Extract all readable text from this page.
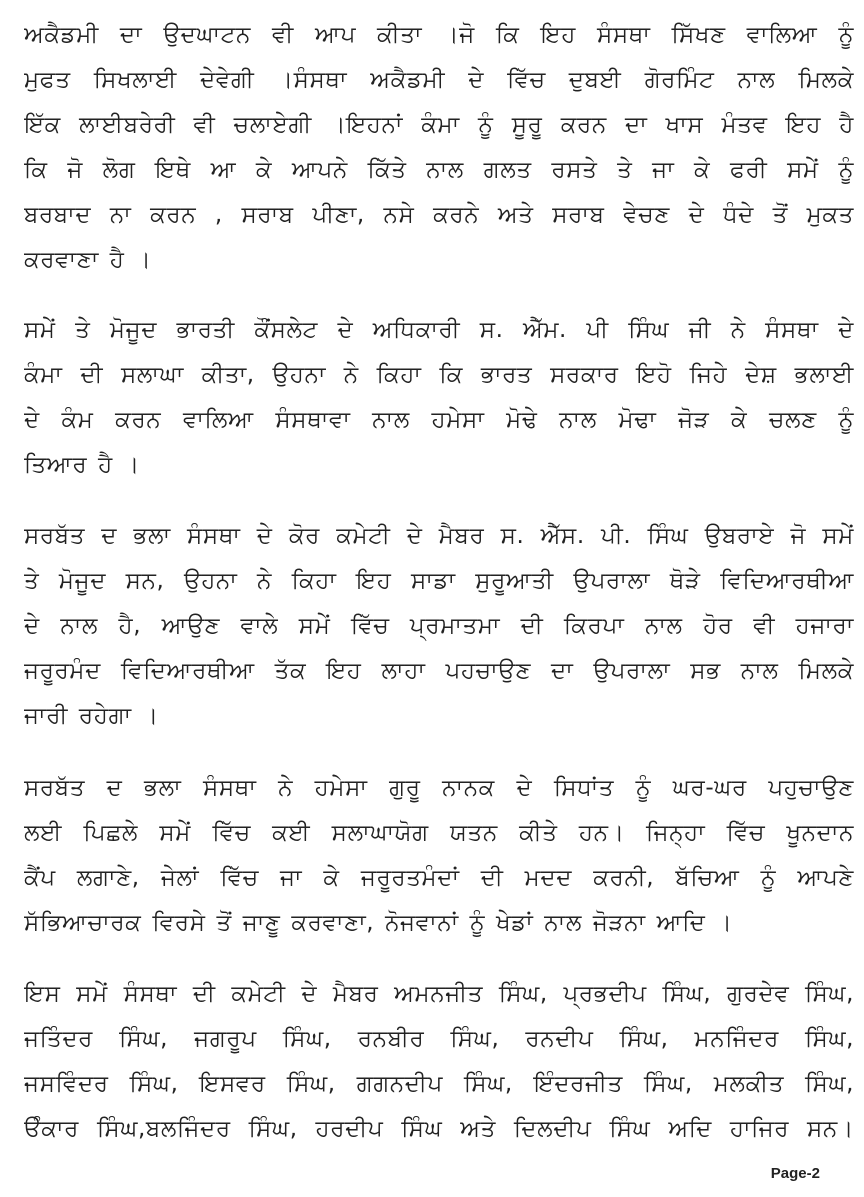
ਅਕੈਡਮੀ ਦਾ ਉਦਘਾਟਨ ਵੀ ਆਪ ਕੀਤਾ ।ਜੋ ਕਿ ਇਹ ਸੰਸਥਾ ਸਿੱਖਣ ਵਾਲਿਆ ਨੂੰ
ਮੁਫਤ ਸਿਖਲਾਈ ਦੇਵੇਗੀ ।ਸੰਸਥਾ ਅਕੈਡਮੀ ਦੇ ਵਿੱਚ ਦੁਬਈ ਗੋਰਮਿੰਟ ਨਾਲ ਮਿਲਕੇ
ਇੱਕ ਲਾਈਬਰੇਰੀ ਵੀ ਚਲਾਏਗੀ ।ਇਹਨਾਂ ਕੰਮਾ ਨੂੰ ਸੂਰੂ ਕਰਨ ਦਾ ਖਾਸ ਮੰਤਵ ਇਹ ਹੈ
ਕਿ ਜੋ ਲੋਗ ਇਥੇ ਆ ਕੇ ਆਪਨੇ ਕਿੱਤੇ ਨਾਲ ਗਲਤ ਰਸਤੇ ਤੇ ਜਾ ਕੇ ਫਰੀ ਸਮੇਂ ਨੂੰ
ਬਰਬਾਦ ਨਾ ਕਰਨ , ਸਰਾਬ ਪੀਣਾ, ਨਸੇ ਕਰਨੇ ਅਤੇ ਸਰਾਬ ਵੇਚਣ ਦੇ ਧੰਦੇ ਤੋਂ ਮੁਕਤ
ਕਰਵਾਣਾ ਹੈ ।
ਸਮੇਂ ਤੇ ਮੋਜੂਦ ਭਾਰਤੀ ਕੌਂਸਲੇਟ ਦੇ ਅਧਿਕਾਰੀ ਸ. ਐੱਮ. ਪੀ ਸਿੰਘ ਜੀ ਨੇ ਸੰਸਥਾ ਦੇ
ਕੰਮਾ ਦੀ ਸਲਾਘਾ ਕੀਤਾ, ਉਹਨਾ ਨੇ ਕਿਹਾ ਕਿ ਭਾਰਤ ਸਰਕਾਰ ਇਹੋ ਜਿਹੇ ਦੇਸ਼ ਭਲਾਈ
ਦੇ ਕੰਮ ਕਰਨ ਵਾਲਿਆ ਸੰਸਥਾਵਾ ਨਾਲ ਹਮੇਸਾ ਮੋਢੇ ਨਾਲ ਮੋਢਾ ਜੋੜ ਕੇ ਚਲਣ ਨੂੰ
ਤਿਆਰ ਹੈ ।
ਸਰਬੱਤ ਦ ਭਲਾ ਸੰਸਥਾ ਦੇ ਕੋਰ ਕਮੇਟੀ ਦੇ ਮੈਬਰ ਸ. ਐੱਸ. ਪੀ. ਸਿੰਘ ਉਬਰਾਏ ਜੋ ਸਮੇਂ
ਤੇ ਮੋਜੂਦ ਸਨ, ਉਹਨਾ ਨੇ ਕਿਹਾ ਇਹ ਸਾਡਾ ਸੁਰੂਆਤੀ ਉਪਰਾਲਾ ਥੋੜੇ ਵਿਦਿਆਰਥੀਆ
ਦੇ ਨਾਲ ਹੈ, ਆਉਣ ਵਾਲੇ ਸਮੇਂ ਵਿੱਚ ਪ੍ਰਮਾਤਮਾ ਦੀ ਕਿਰਪਾ ਨਾਲ ਹੋਰ ਵੀ ਹਜਾਰਾ
ਜਰੂਰਮੰਦ ਵਿਦਿਆਰਥੀਆ ਤੱਕ ਇਹ ਲਾਹਾ ਪਹਚਾਉਣ ਦਾ ਉਪਰਾਲਾ ਸਭ ਨਾਲ ਮਿਲਕੇ
ਜਾਰੀ ਰਹੇਗਾ ।
ਸਰਬੱਤ ਦ ਭਲਾ ਸੰਸਥਾ ਨੇ ਹਮੇਸਾ ਗੁਰੂ ਨਾਨਕ ਦੇ ਸਿਧਾਂਤ ਨੂੰ ਘਰ-ਘਰ ਪਹੁਚਾਉਣ
ਲਈ ਪਿਛਲੇ ਸਮੇਂ ਵਿੱਚ ਕਈ ਸਲਾਘਾਯੋਗ ਯਤਨ ਕੀਤੇ ਹਨ। ਜਿਨ੍ਹਾ ਵਿੱਚ ਖੂਨਦਾਨ
ਕੈਂਪ ਲਗਾਣੇ, ਜੇਲਾਂ ਵਿੱਚ ਜਾ ਕੇ ਜਰੂਰਤਮੰਦਾਂ ਦੀ ਮਦਦ ਕਰਨੀ, ਬੱਚਿਆ ਨੂੰ ਆਪਣੇ
ਸੱਭਿਆਚਾਰਕ ਵਿਰਸੇ ਤੋਂ ਜਾਣੂ ਕਰਵਾਣਾ, ਨੋਜਵਾਨਾਂ ਨੂੰ ਖੇਡਾਂ ਨਾਲ ਜੋੜਨਾ ਆਦਿ ।
ਇਸ ਸਮੇਂ ਸੰਸਥਾ ਦੀ ਕਮੇਟੀ ਦੇ ਮੈਬਰ ਅਮਨਜੀਤ ਸਿੰਘ, ਪ੍ਰਭਦੀਪ ਸਿੰਘ, ਗੁਰਦੇਵ ਸਿੰਘ,
ਜਤਿੰਦਰ ਸਿੰਘ, ਜਗਰੂਪ ਸਿੰਘ, ਰਨਬੀਰ ਸਿੰਘ, ਰਨਦੀਪ ਸਿੰਘ, ਮਨਜਿੰਦਰ ਸਿੰਘ,
ਜਸਵਿੰਦਰ ਸਿੰਘ, ਇਸਵਰ ਸਿੰਘ, ਗਗਨਦੀਪ ਸਿੰਘ, ਇੰਦਰਜੀਤ ਸਿੰਘ, ਮਲਕੀਤ ਸਿੰਘ,
ੳੰਕਾਰ ਸਿੰਘ,ਬਲਜਿੰਦਰ ਸਿੰਘ, ਹਰਦੀਪ ਸਿੰਘ ਅਤੇ ਦਿਲਦੀਪ ਸਿੰਘ ਅਦਿ ਹਾਜਿਰ ਸਨ।
Page-2
